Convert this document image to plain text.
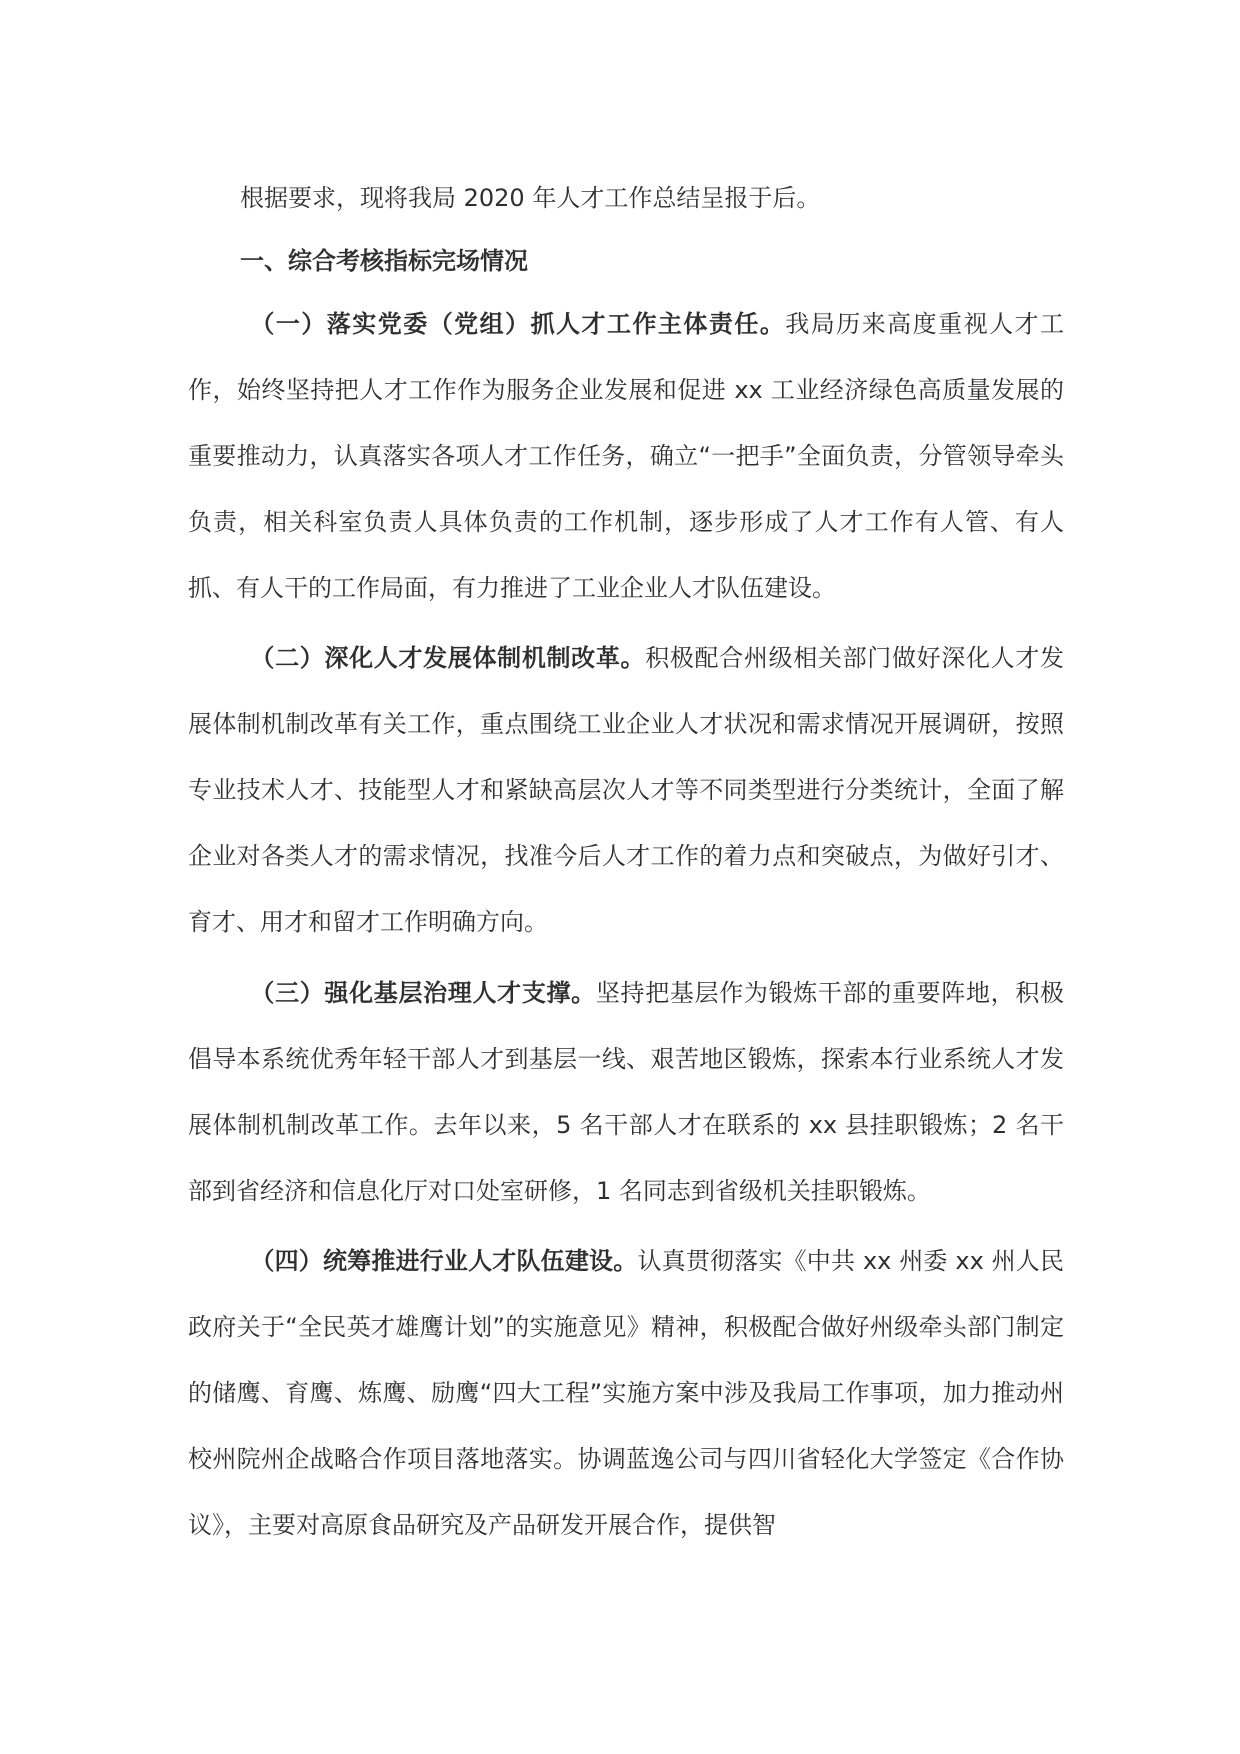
根据要求，现将我局 2020 年人才工作总结呈报于后。

一、综合考核指标完场情况

（一）落实党委（党组）抓人才工作主体责任。我局历来高度重视人才工作，始终坚持把人才工作作为服务企业发展和促进 xx 工业经济绿色高质量发展的重要推动力，认真落实各项人才工作任务，确立“一把手”全面负责，分管领导牵头负责，相关科室负责人具体负责的工作机制，逐步形成了人才工作有人管、有人抓、有人干的工作局面，有力推进了工业企业人才队伍建设。

（二）深化人才发展体制机制改革。积极配合州级相关部门做好深化人才发展体制机制改革有关工作，重点围绕工业企业人才状况和需求情况开展调研，按照专业技术人才、技能型人才和紧缺高层次人才等不同类型进行分类统计，全面了解企业对各类人才的需求情况，找准今后人才工作的着力点和突破点，为做好引才、育才、用才和留才工作明确方向。

（三）强化基层治理人才支撑。坚持把基层作为锻炼干部的重要阵地，积极倡导本系统优秀年轻干部人才到基层一线、艰苦地区锻炼，探索本行业系统人才发展体制机制改革工作。去年以来，5 名干部人才在联系的 xx 县挂职锻炼；2 名干部到省经济和信息化厅对口处室研修，1 名同志到省级机关挂职锻炼。

（四）统筹推进行业人才队伍建设。认真贯彻落实《中共 xx 州委 xx 州人民政府关于“全民英才雄鹰计划”的实施意见》精神，积极配合做好州级牵头部门制定的储鹰、育鹰、炼鹰、励鹰“四大工程”实施方案中涉及我局工作事项，加力推动州校州院州企战略合作项目落地落实。协调蓝逸公司与四川省轻化大学签定《合作协议》，主要对高原食品研究及产品研发开展合作，提供智
